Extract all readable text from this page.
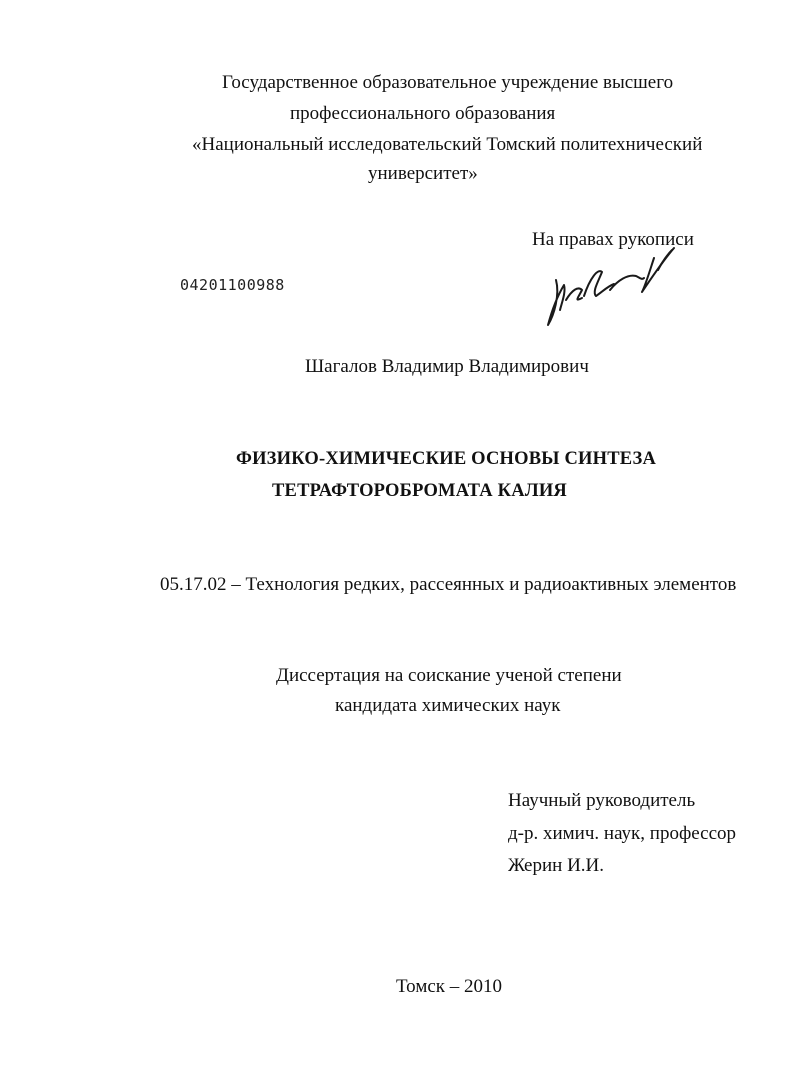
Государственное образовательное учреждение высшего
профессионального образования
«Национальный исследовательский Томский политехнический
университет»
На правах рукописи
04201100988
Шагалов Владимир Владимирович
ФИЗИКО-ХИМИЧЕСКИЕ ОСНОВЫ СИНТЕЗА
ТЕТРАФТОРОБРОМАТА КАЛИЯ
05.17.02 – Технология редких, рассеянных и радиоактивных элементов
Диссертация на соискание ученой степени
кандидата химических наук
Научный руководитель
д-р. химич. наук, профессор
Жерин И.И.
Томск – 2010
